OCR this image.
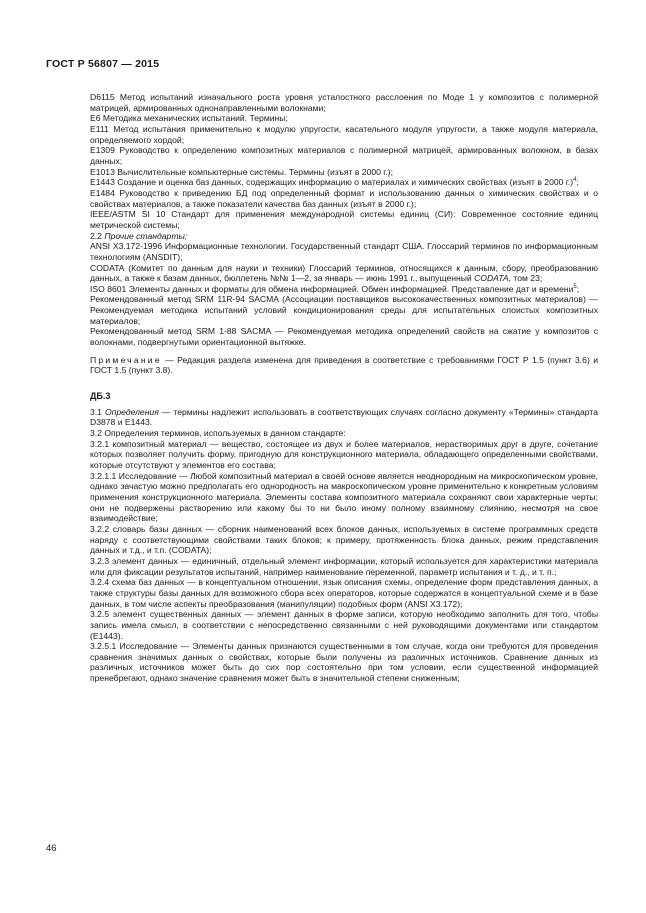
ГОСТ Р 56807 — 2015

D6115 Метод испытаний изначального роста уровня усталостного расслоения по Моде 1 у композитов с полимерной матрицей, армированных однонаправленными волокнами;

E6 Методика механических испытаний. Термины;

E111 Метод испытания применительно к модулю упругости, касательного модуля упругости, а также модуля материала, определяемого хордой;

E1309 Руководство к определению композитных материалов с полимерной матрицей, армированных волокном, в базах данных;

E1013 Вычислительные компьютерные системы. Термины (изъят в 2000 г.);

E1443 Создание и оценка баз данных, содержащих информацию о материалах и химических свойствах (изъят в 2000 г.)$^4$;

E1484 Руководство к приведению БД под определенный формат и использованию данных о химических свойствах и о свойствах материалов, а также показатели качества баз данных (изъят в 2000 г.);

IEEE/ASTM SI 10 Стандарт для применения международной системы единиц (СИ): Современное состояние единиц метрической системы;

2.2 Прочие стандарты:

ANSI X3.172-1996 Информационные технологии. Государственный стандарт США. Глоссарий терминов по информационным технологиям (ANSDIT);

CODATA (Комитет по данным для науки и техники) Глоссарий терминов, относящихся к данным, сбору, преобразованию данных, а также к базам данных, бюллетень №№ 1—2, за январь — июнь 1991 г., выпущенный CODATA, том 23;

ISO 8601 Элементы данных и форматы для обмена информацией. Обмен информацией. Представление дат и времени$^5$;

Рекомендованный метод SRM 11R-94 SACMA (Ассоциации поставщиков высококачественных композитных материалов) — Рекомендуемая методика испытаний условий кондиционирования среды для испытательных слоистых композитных материалов;

Рекомендованный метод SRM 1-88 SACMA — Рекомендуемая методика определений свойств на сжатие у композитов с волокнами, подвергнутыми ориентационной вытяжке.

Примечание — Редакция раздела изменена для приведения в соответствие с требованиями ГОСТ Р 1.5 (пункт 3.6) и ГОСТ 1.5 (пункт 3.8).

ДБ.3

3.1 Определения — термины надлежит использовать в соответствующих случаях согласно документу «Термины» стандарта D3878 и E1443.

3.2 Определения терминов, используемых в данном стандарте:

3.2.1 композитный материал — вещество, состоящее из двух и более материалов, нерастворимых друг в друге, сочетание которых позволяет получить форму, пригодную для конструкционного материала, обладающего определенными свойствами, которые отсутствуют у элементов его состава;

3.2.1.1 Исследование — Любой композитный материал в своей основе является неоднородным на микроскопическом уровне, однако зачастую можно предполагать его однородность на макроскопическом уровне применительно к конкретным условиям применения конструкционного материала. Элементы состава композитного материала сохраняют свои характерные черты; они не подвержены растворению или какому бы то ни было иному полному взаимному слиянию, несмотря на свое взаимодействие;

3.2.2 словарь базы данных — сборник наименований всех блоков данных, используемых в системе программных средств наряду с соответствующими свойствами таких блоков; к примеру, протяженность блока данных, режим представления данных и т.д., и т.п. (CODATA);

3.2.3 элемент данных — единичный, отдельный элемент информации, который используется для характеристики материала или для фиксации результатов испытаний, например наименование переменной, параметр испытания и т. д., и т. п.;

3.2.4 схема баз данных — в концептуальном отношении, язык описания схемы, определение форм представления данных, а также структуры базы данных для возможного сбора всех операторов, которые содержатся в концептуальной схеме и в базе данных, в том числе аспекты преобразования (манипуляции) подобных форм (ANSI X3.172);

3.2.5 элемент существенных данных — элемент данных в форме записи, которую необходимо заполнить для того, чтобы запись имела смысл, в соответствии с непосредственно связанными с ней руководящими документами или стандартом (E1443).

3.2.5.1 Исследование — Элементы данных признаются существенными в том случае, когда они требуются для проведения сравнения значимых данных о свойствах, которые были получены из различных источников. Сравнение данных из различных источников может быть до сих пор состоятельно при том условии, если существенной информацией пренебрегают, однако значение сравнения может быть в значительной степени сниженным;

46
